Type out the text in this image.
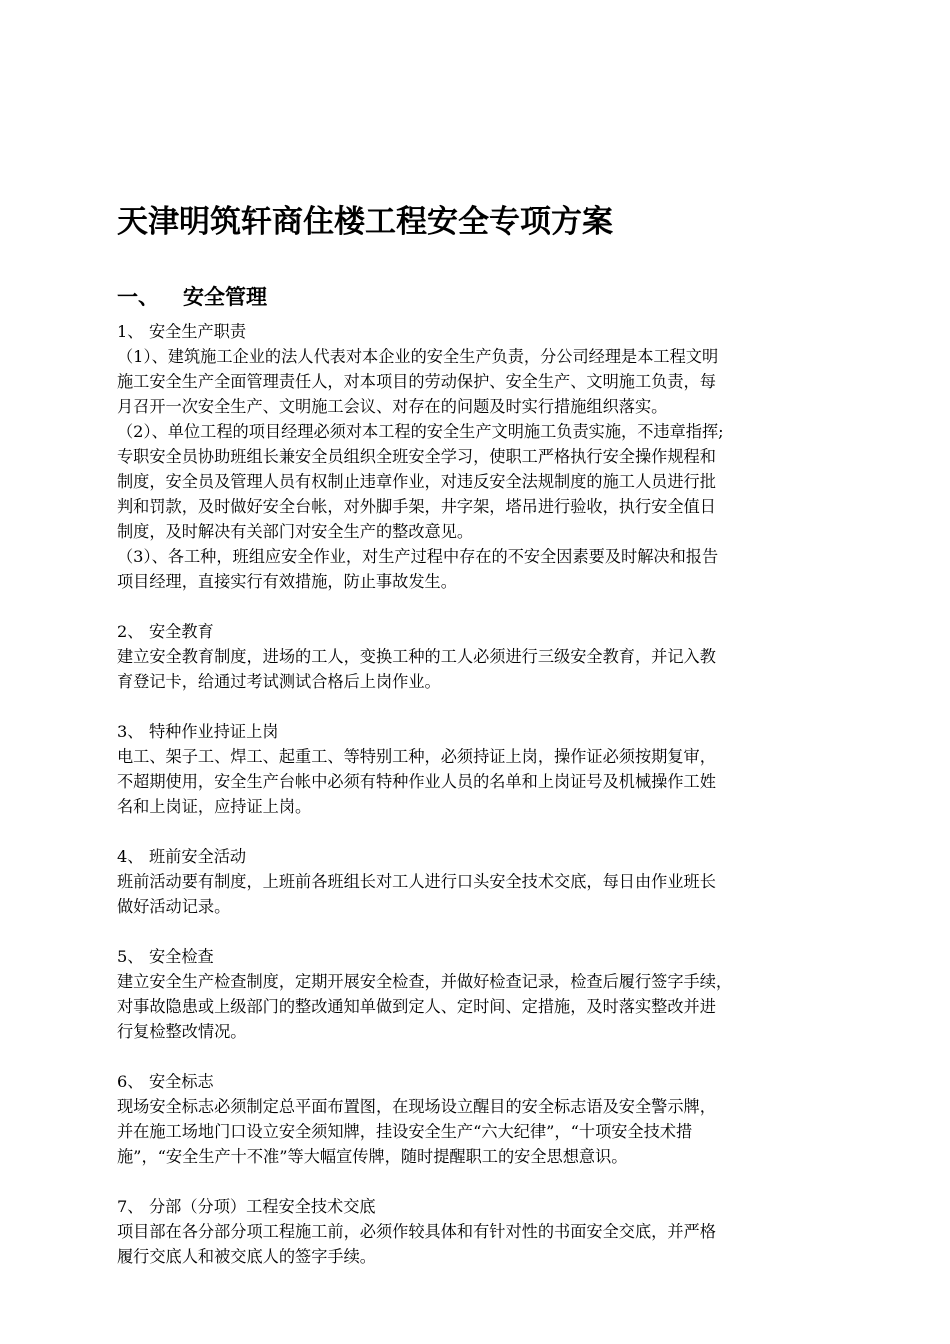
天津明筑轩商住楼工程安全专项方案
一、 安全管理

1、 安全生产职责

（1）、建筑施工企业的法人代表对本企业的安全生产负责，分公司经理是本工程文明

施工安全生产全面管理责任人，对本项目的劳动保护、安全生产、文明施工负责，每

月召开一次安全生产、文明施工会议、对存在的问题及时实行措施组织落实。

（2）、单位工程的项目经理必须对本工程的安全生产文明施工负责实施，不违章指挥;

专职安全员协助班组长兼安全员组织全班安全学习，使职工严格执行安全操作规程和

制度，安全员及管理人员有权制止违章作业，对违反安全法规制度的施工人员进行批

判和罚款，及时做好安全台帐，对外脚手架，井字架，塔吊进行验收，执行安全值日

制度，及时解决有关部门对安全生产的整改意见。

（3）、各工种，班组应安全作业，对生产过程中存在的不安全因素要及时解决和报告

项目经理，直接实行有效措施，防止事故发生。

2、 安全教育

建立安全教育制度，进场的工人，变换工种的工人必须进行三级安全教育，并记入教

育登记卡，给通过考试测试合格后上岗作业。

3、 特种作业持证上岗

电工、架子工、焊工、起重工、等特别工种，必须持证上岗，操作证必须按期复审，

不超期使用，安全生产台帐中必须有特种作业人员的名单和上岗证号及机械操作工姓

名和上岗证，应持证上岗。

4、 班前安全活动

班前活动要有制度，上班前各班组长对工人进行口头安全技术交底，每日由作业班长

做好活动记录。

5、 安全检查

建立安全生产检查制度，定期开展安全检查，并做好检查记录，检查后履行签字手续，

对事故隐患或上级部门的整改通知单做到定人、定时间、定措施，及时落实整改并进

行复检整改情况。

6、 安全标志

现场安全标志必须制定总平面布置图，在现场设立醒目的安全标志语及安全警示牌，

并在施工场地门口设立安全须知牌，挂设安全生产“六大纪律”，“十项安全技术措

施”，“安全生产十不准”等大幅宣传牌，随时提醒职工的安全思想意识。

7、 分部（分项）工程安全技术交底

项目部在各分部分项工程施工前，必须作较具体和有针对性的书面安全交底，并严格

履行交底人和被交底人的签字手续。
